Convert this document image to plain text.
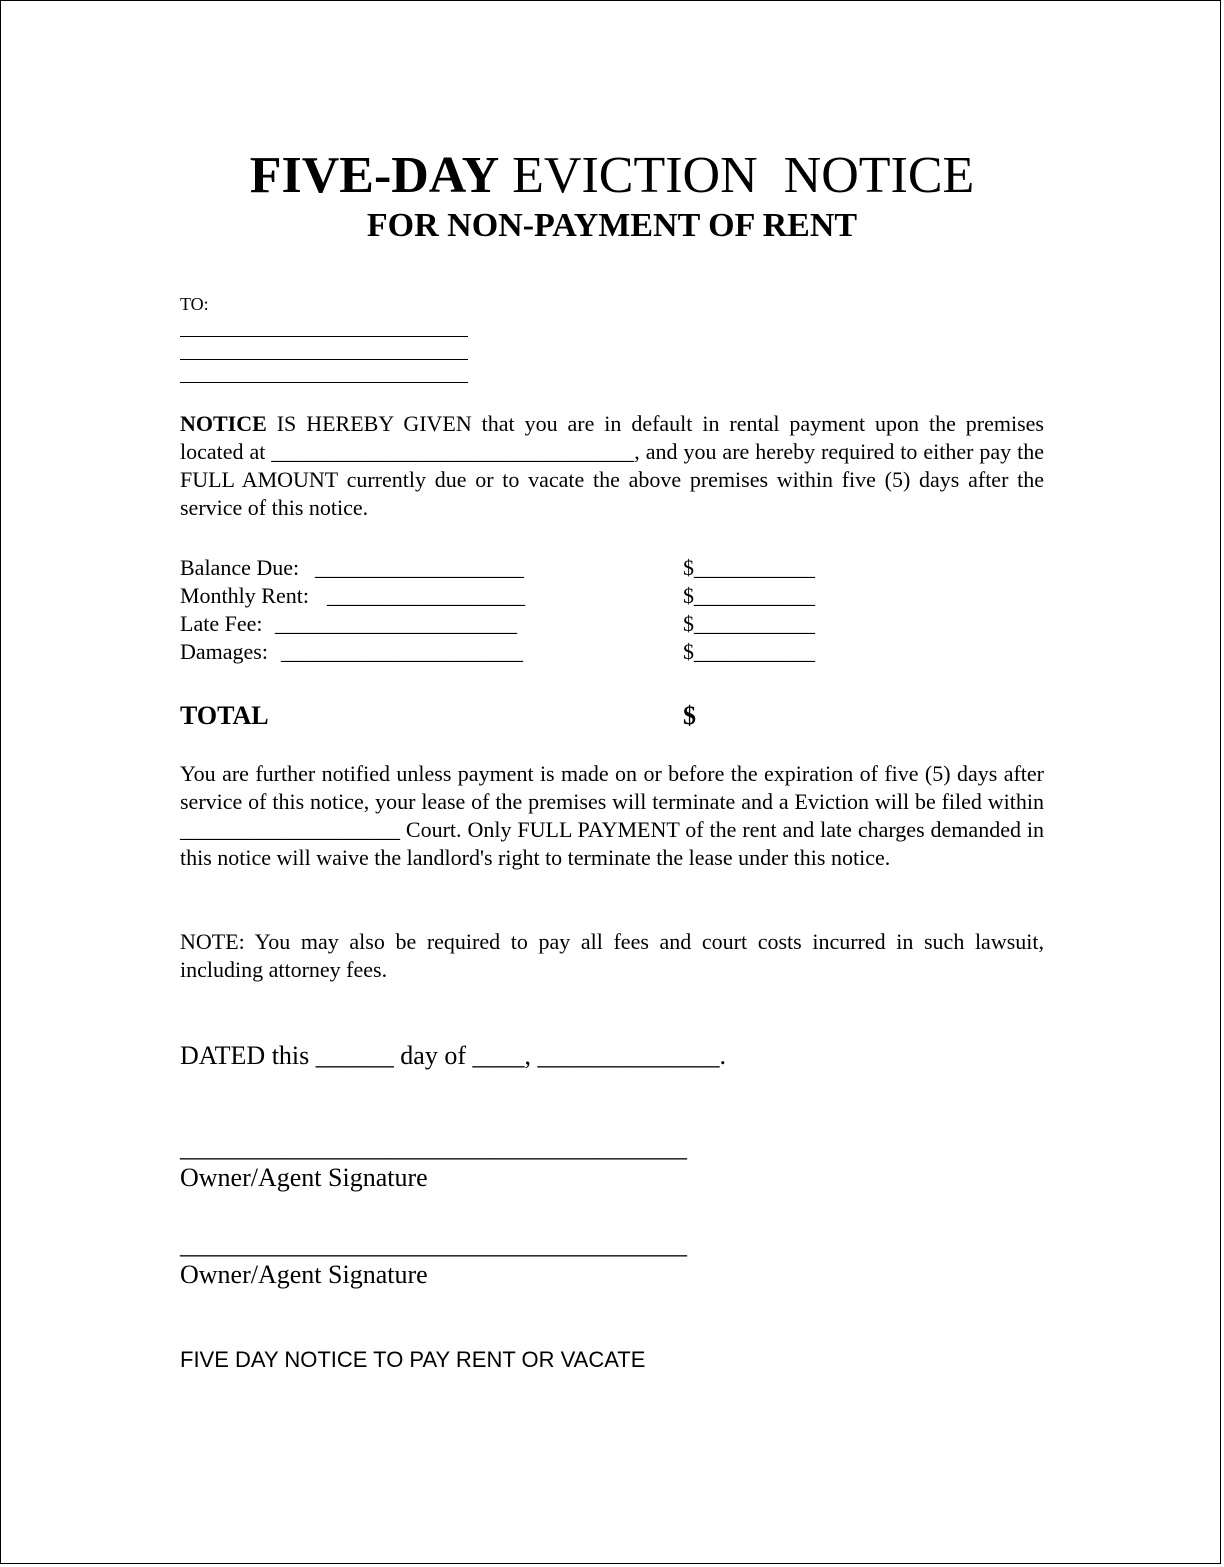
FIVE-DAY EVICTION  NOTICE
FOR NON-PAYMENT OF RENT
TO:
NOTICE IS HEREBY GIVEN that you are in default in rental payment upon the premises located at _________________________________, and you are hereby required to either pay the FULL AMOUNT currently due or to vacate the above premises within five (5) days after the service of this notice.
Balance Due: ___________________	$___________
Monthly Rent: __________________	$___________
Late Fee: ______________________	$___________
Damages: ______________________	$___________
TOTAL	$
You are further notified unless payment is made on or before the expiration of five (5) days after service of this notice, your lease of the premises will terminate and a Eviction will be filed within ____________________ Court. Only FULL PAYMENT of the rent and late charges demanded in this notice will waive the landlord's right to terminate the lease under this notice.
NOTE: You may also be required to pay all fees and court costs incurred in such lawsuit, including attorney fees.
DATED this ______ day of ____, ______________.
_______________________________________
Owner/Agent Signature
_______________________________________
Owner/Agent Signature
FIVE DAY NOTICE TO PAY RENT OR VACATE
